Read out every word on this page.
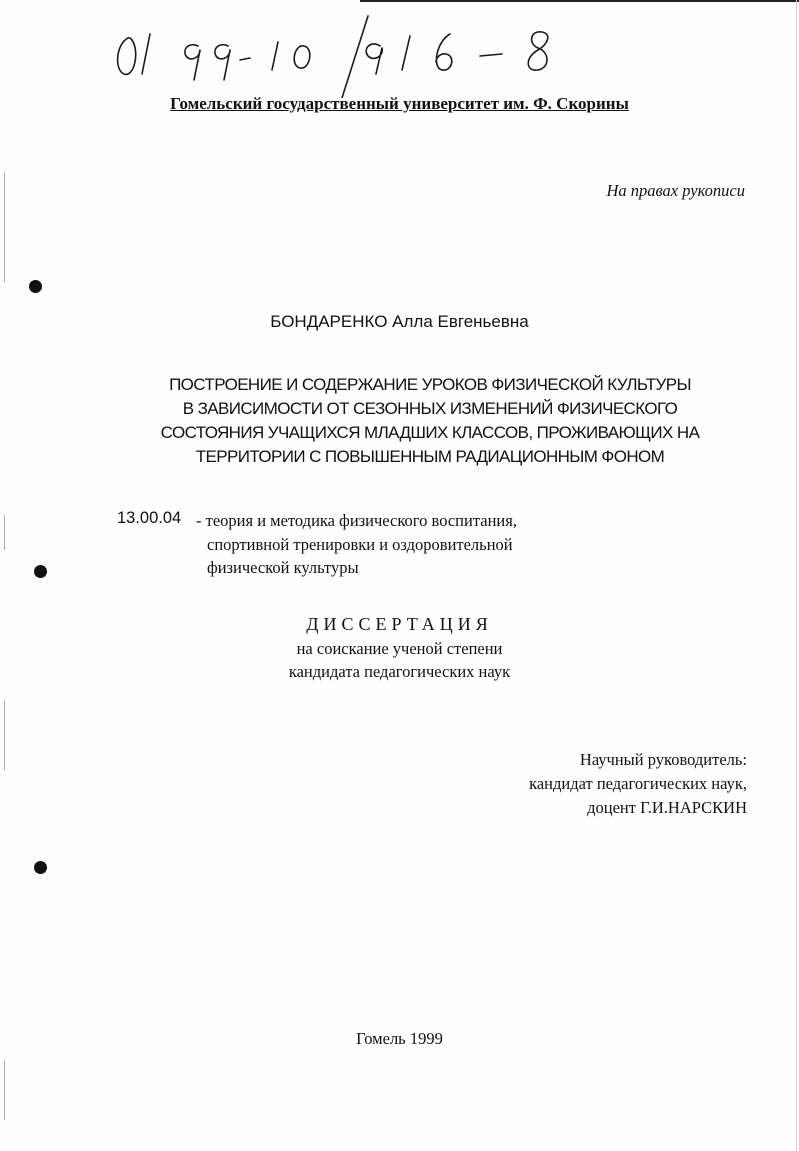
Гомельский государственный университет им. Ф. Скорины
На правах рукописи
БОНДАРЕНКО Алла Евгеньевна
ПОСТРОЕНИЕ И СОДЕРЖАНИЕ УРОКОВ ФИЗИЧЕСКОЙ КУЛЬТУРЫ
В ЗАВИСИМОСТИ ОТ СЕЗОННЫХ ИЗМЕНЕНИЙ ФИЗИЧЕСКОГО
СОСТОЯНИЯ УЧАЩИХСЯ МЛАДШИХ КЛАССОВ, ПРОЖИВАЮЩИХ НА
ТЕРРИТОРИИ С ПОВЫШЕННЫМ РАДИАЦИОННЫМ ФОНОМ
13.00.04 - теория и методика физического воспитания,
спортивной тренировки и оздоровительной
физической культуры
ДИССЕРТАЦИЯ
на соискание ученой степени
кандидата педагогических наук
Научный руководитель:
кандидат педагогических наук,
доцент Г.И.НАРСКИН
Гомель 1999
